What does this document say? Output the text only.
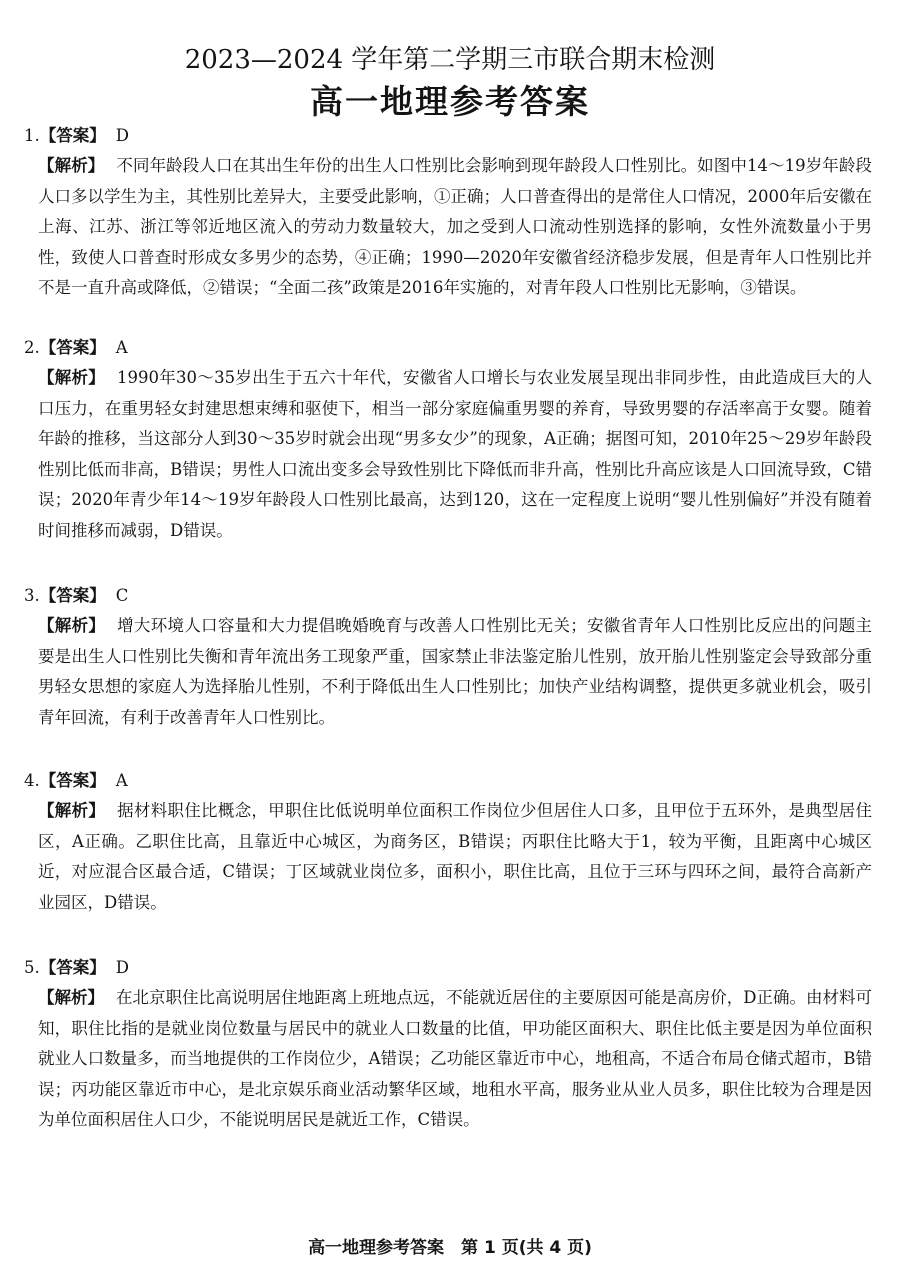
2023—2024 学年第二学期三市联合期末检测
高一地理参考答案
1.【答案】 D

【解析】 不同年龄段人口在其出生年份的出生人口性别比会影响到现年龄段人口性别比。如图中14～19岁年龄段人口多以学生为主，其性别比差异大，主要受此影响，①正确；人口普查得出的是常住人口情况，2000年后安徽在上海、江苏、浙江等邻近地区流入的劳动力数量较大，加之受到人口流动性别选择的影响，女性外流数量小于男性，致使人口普查时形成女多男少的态势，④正确；1990—2020年安徽省经济稳步发展，但是青年人口性别比并不是一直升高或降低，②错误；“全面二孩”政策是2016年实施的，对青年段人口性别比无影响，③错误。

2.【答案】 A

【解析】 1990年30～35岁出生于五六十年代，安徽省人口增长与农业发展呈现出非同步性，由此造成巨大的人口压力，在重男轻女封建思想束缚和驱使下，相当一部分家庭偏重男婴的养育，导致男婴的存活率高于女婴。随着年龄的推移，当这部分人到30～35岁时就会出现“男多女少”的现象，A正确；据图可知，2010年25～29岁年龄段性别比低而非高，B错误；男性人口流出变多会导致性别比下降低而非升高，性别比升高应该是人口回流导致，C错误；2020年青少年14～19岁年龄段人口性别比最高，达到120，这在一定程度上说明“婴儿性别偏好”并没有随着时间推移而减弱，D错误。

3.【答案】 C

【解析】 增大环境人口容量和大力提倡晚婚晚育与改善人口性别比无关；安徽省青年人口性别比反应出的问题主要是出生人口性别比失衡和青年流出务工现象严重，国家禁止非法鉴定胎儿性别，放开胎儿性别鉴定会导致部分重男轻女思想的家庭人为选择胎儿性别，不利于降低出生人口性别比；加快产业结构调整，提供更多就业机会，吸引青年回流，有利于改善青年人口性别比。

4.【答案】 A

【解析】 据材料职住比概念，甲职住比低说明单位面积工作岗位少但居住人口多，且甲位于五环外，是典型居住区，A正确。乙职住比高，且靠近中心城区，为商务区，B错误；丙职住比略大于1，较为平衡，且距离中心城区近，对应混合区最合适，C错误；丁区域就业岗位多，面积小，职住比高，且位于三环与四环之间，最符合高新产业园区，D错误。

5.【答案】 D

【解析】 在北京职住比高说明居住地距离上班地点远，不能就近居住的主要原因可能是高房价，D正确。由材料可知，职住比指的是就业岗位数量与居民中的就业人口数量的比值，甲功能区面积大、职住比低主要是因为单位面积就业人口数量多，而当地提供的工作岗位少，A错误；乙功能区靠近市中心，地租高，不适合布局仓储式超市，B错误；丙功能区靠近市中心，是北京娱乐商业活动繁华区域，地租水平高，服务业从业人员多，职住比较为合理是因为单位面积居住人口少，不能说明居民是就近工作，C错误。

高一地理参考答案　第 1 页(共 4 页)
